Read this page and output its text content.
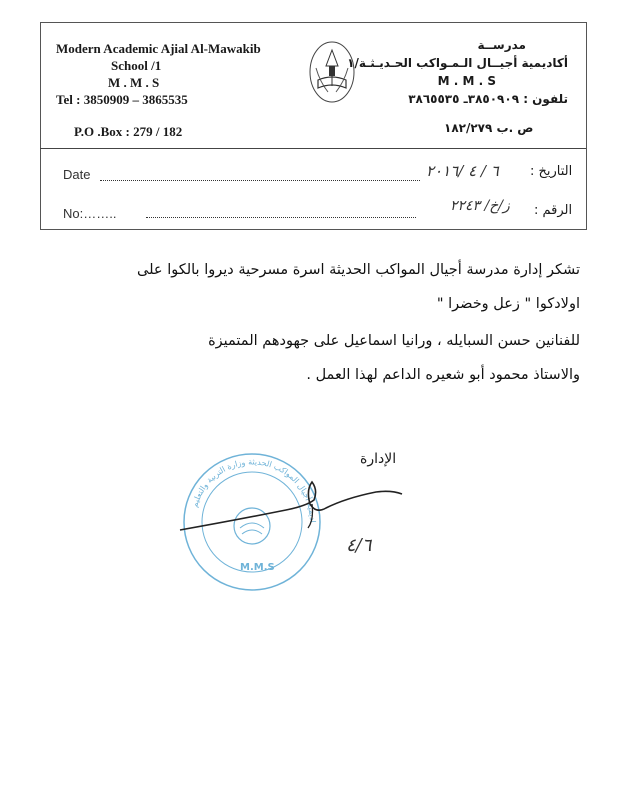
Modern Academic Ajial Al-Mawakib
School /1
M . M . S
Tel : 3850909 – 3865535
P.O .Box : 279 / 182
مدرســة
أكاديمية أجيــال الـمـواكب الحـديـثـة/١
M . M . S
تلفون : ٣٨٥٠٩٠٩ـ ٣٨٦٥٥٣٥
ص .ب ١٨٢/٢٧٩
Date	٦ / ٤ /٢٠١٦ التاريخ :
No:……..	ز/خ/ ٢٢٤٣ الرقم :
تشكر إدارة مدرسة أجيال المواكب الحديثة اسرة مسرحية ديروا بالكوا على
اولادكوا " زعل وخضرا "
للفنانين حسن السبايله ، ورانيا اسماعيل على جهودهم المتميزة
والاستاذ محمود أبو شعيره الداعم لهذا العمل .
الإدارة
اديمية أجيال المواكب الحديثة وزارة التربية والتعليم
M.M.S
٤/٦
